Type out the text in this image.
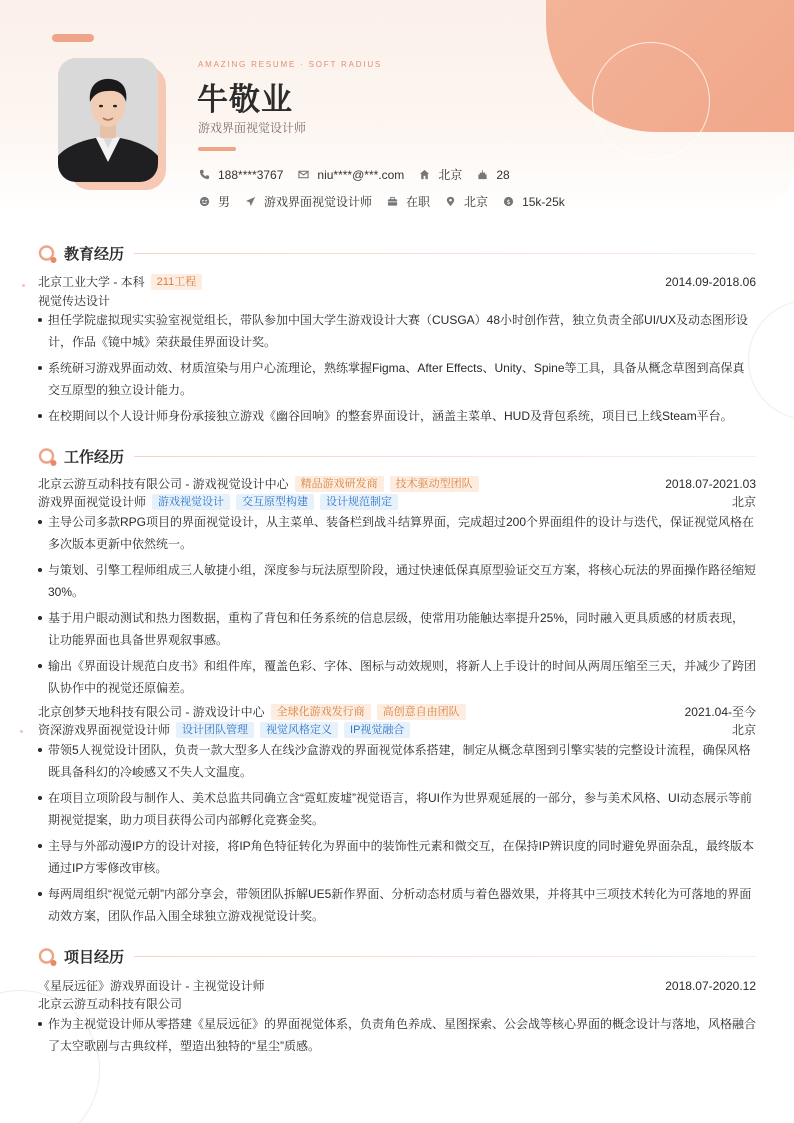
AMAZING RESUME · SOFT RADIUS
牛敬业
游戏界面视觉设计师
188****3767	niu****@***.com	北京	28
男	游戏界面视觉设计师	在职	北京	$ 15k-25k
教育经历
北京工业大学 - 本科	211工程	2014.09-2018.06
视觉传达设计
担任学院虚拟现实实验室视觉组长，带队参加中国大学生游戏设计大赛（CUSGA）48小时创作营，独立负责全部UI/UX及动态图形设计，作品《镜中城》荣获最佳界面设计奖。
系统研习游戏界面动效、材质渲染与用户心流理论，熟练掌握Figma、After Effects、Unity、Spine等工具，具备从概念草图到高保真交互原型的独立设计能力。
在校期间以个人设计师身份承接独立游戏《幽谷回响》的整套界面设计，涵盖主菜单、HUD及背包系统，项目已上线Steam平台。
工作经历
北京云游互动科技有限公司 - 游戏视觉设计中心	精品游戏研发商	技术驱动型团队	2018.07-2021.03
游戏界面视觉设计师	游戏视觉设计	交互原型构建	设计规范制定	北京
主导公司多款RPG项目的界面视觉设计，从主菜单、装备栏到战斗结算界面，完成超过200个界面组件的设计与迭代，保证视觉风格在多次版本更新中依然统一。
与策划、引擎工程师组成三人敏捷小组，深度参与玩法原型阶段，通过快速低保真原型验证交互方案，将核心玩法的界面操作路径缩短30%。
基于用户眼动测试和热力图数据，重构了背包和任务系统的信息层级，使常用功能触达率提升25%，同时融入更具质感的材质表现，让功能界面也具备世界观叙事感。
输出《界面设计规范白皮书》和组件库，覆盖色彩、字体、图标与动效规则，将新人上手设计的时间从两周压缩至三天，并减少了跨团队协作中的视觉还原偏差。
北京创梦天地科技有限公司 - 游戏设计中心	全球化游戏发行商	高创意自由团队	2021.04-至今
资深游戏界面视觉设计师	设计团队管理	视觉风格定义	IP视觉融合	北京
带领5人视觉设计团队，负责一款大型多人在线沙盒游戏的界面视觉体系搭建，制定从概念草图到引擎实装的完整设计流程，确保风格既具备科幻的冷峻感又不失人文温度。
在项目立项阶段与制作人、美术总监共同确立含“霓虹废墟”视觉语言，将UI作为世界观延展的一部分，参与美术风格、UI动态展示等前期视觉提案，助力项目获得公司内部孵化竞赛金奖。
主导与外部动漫IP方的设计对接，将IP角色特征转化为界面中的装饰性元素和微交互，在保持IP辨识度的同时避免界面杂乱，最终版本通过IP方零修改审核。
每两周组织“视觉元朝”内部分享会，带领团队拆解UE5新作界面、分析动态材质与着色器效果，并将其中三项技术转化为可落地的界面动效方案，团队作品入围全球独立游戏视觉设计奖。
项目经历
《星辰远征》游戏界面设计 - 主视觉设计师	2018.07-2020.12
北京云游互动科技有限公司
作为主视觉设计师从零搭建《星辰远征》的界面视觉体系，负责角色养成、星图探索、公会战等核心界面的概念设计与落地，风格融合了太空歌剧与古典纹样，塑造出独特的“星尘”质感。
